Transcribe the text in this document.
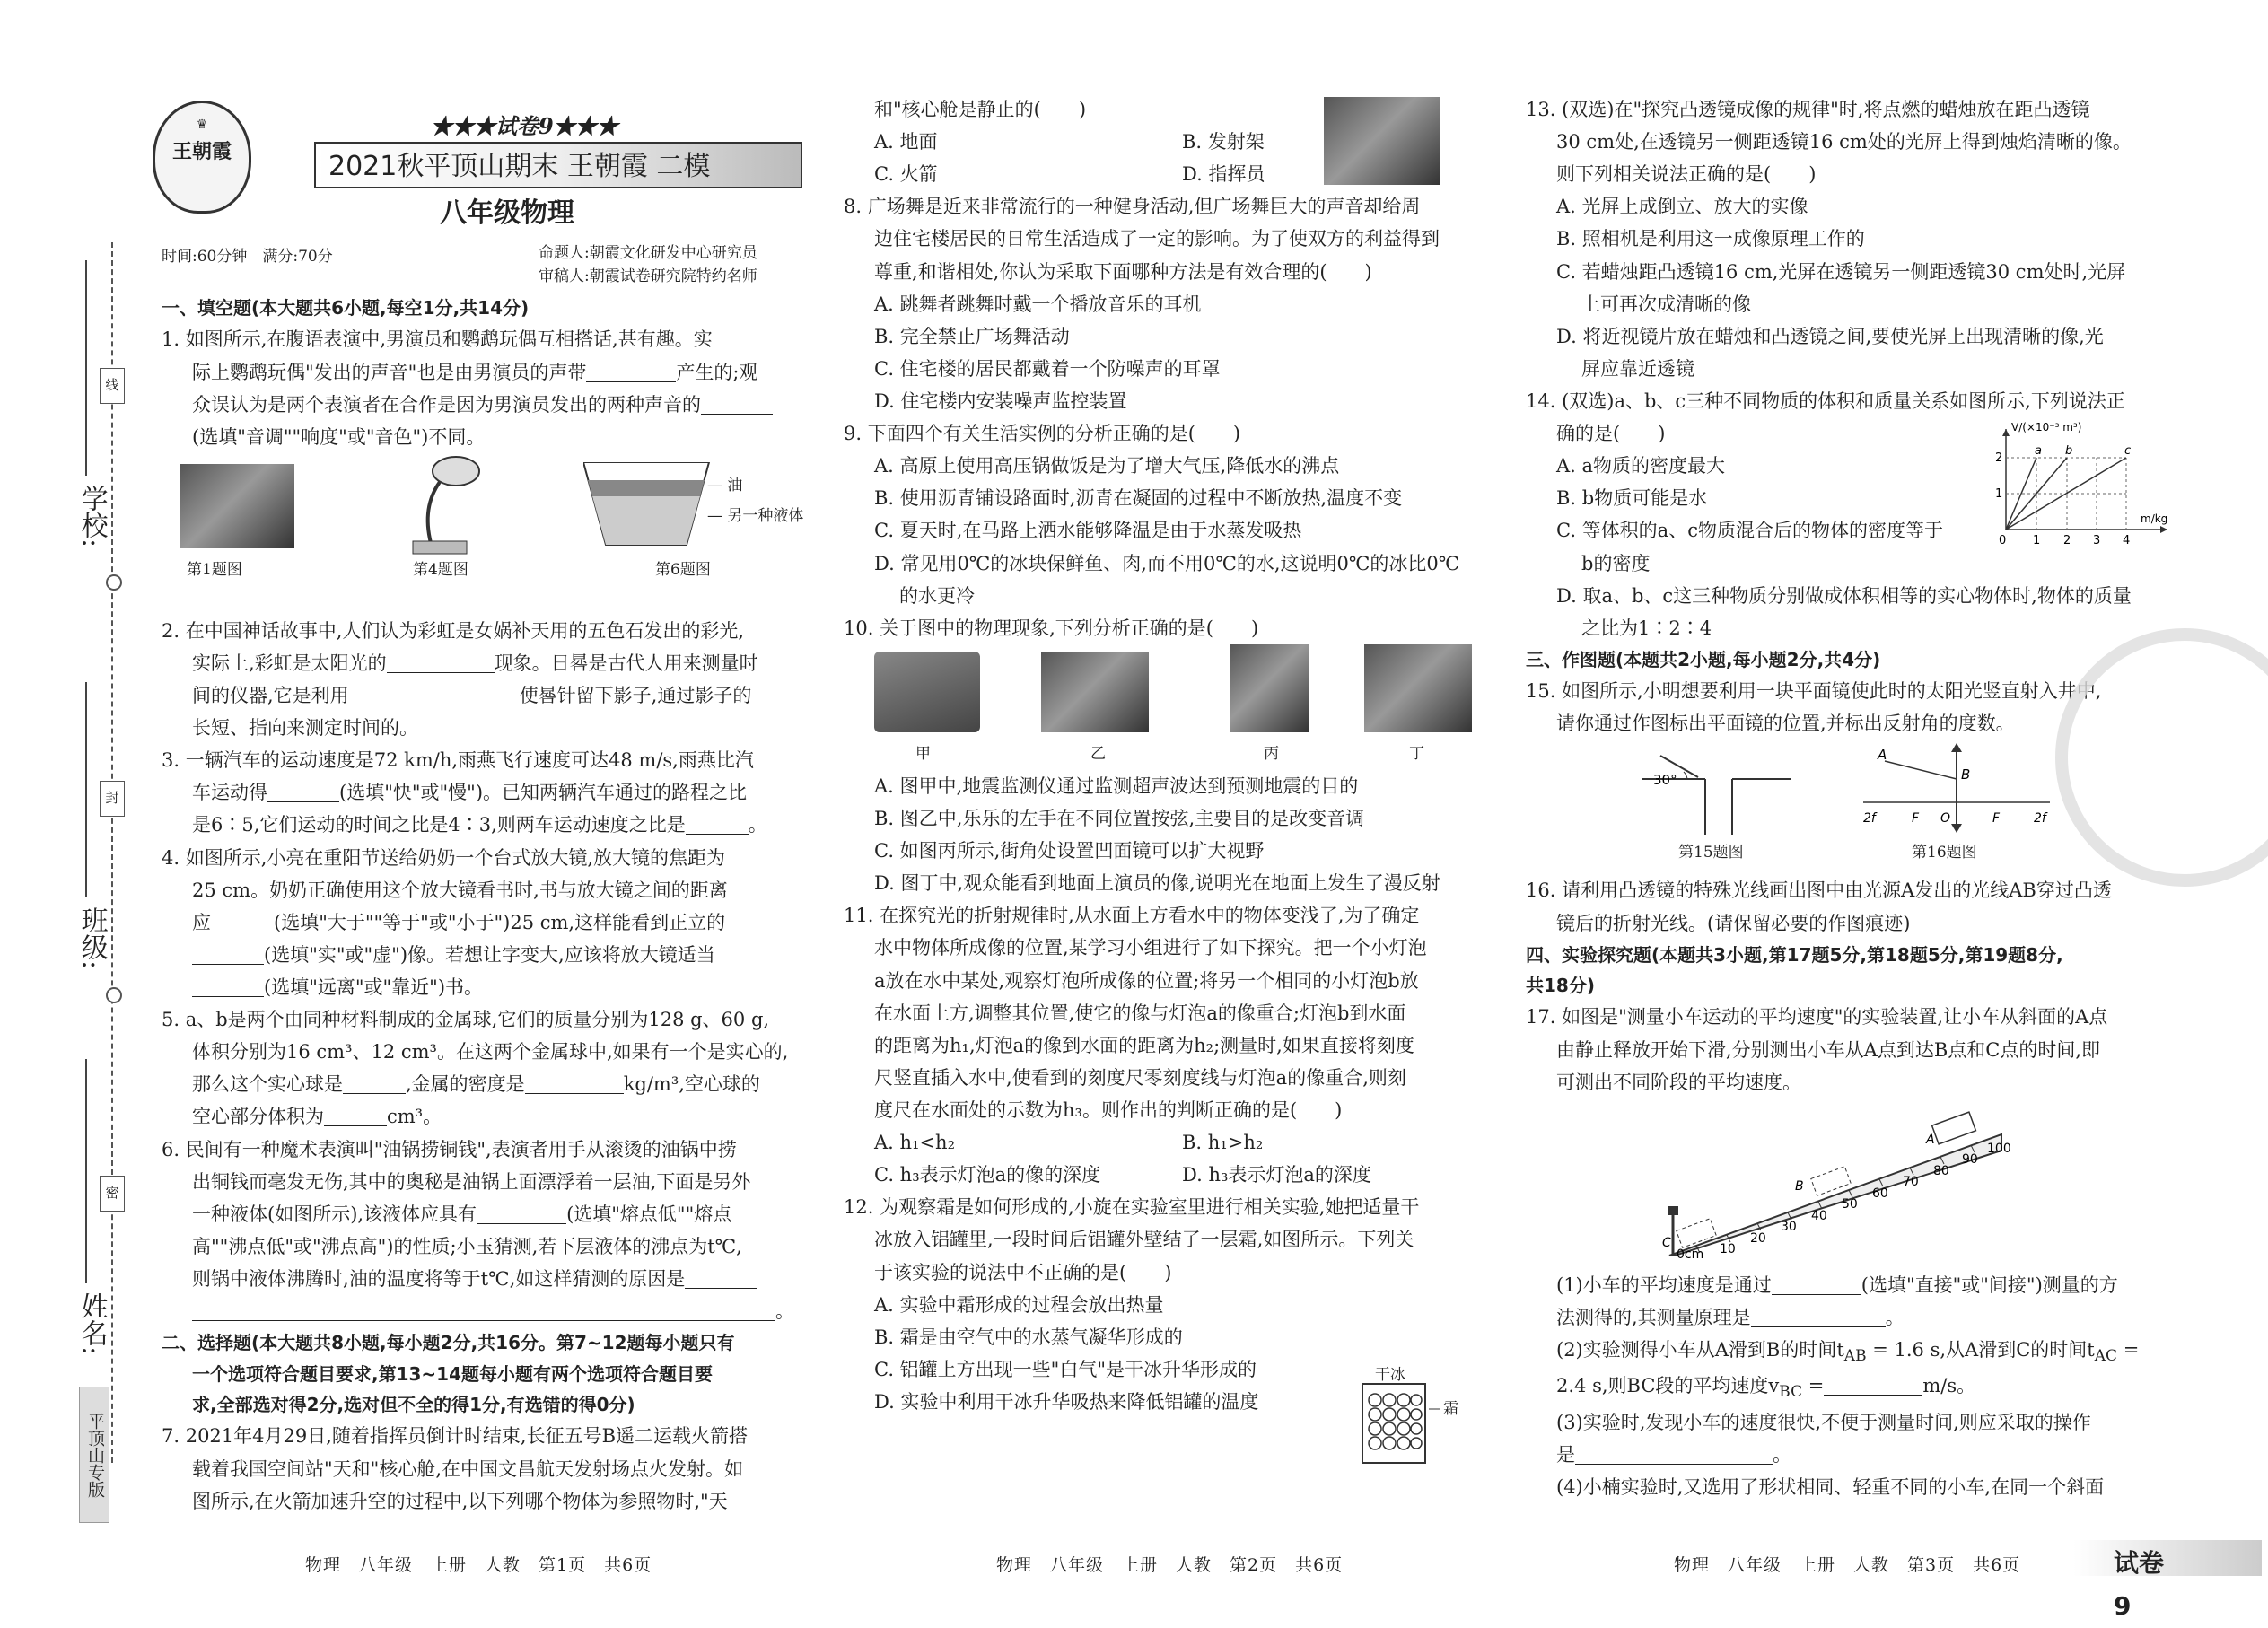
学校:
班级:
姓名:
线
封
密
平顶山专版
♛
王朝霞
★★★试卷9★★★
2021秋平顶山期末 王朝霞 二模
八年级物理
时间:60分钟　满分:70分	命题人:朝霞文化研发中心研究员
审稿人:朝霞试卷研究院特约名师

一、填空题(本大题共6小题,每空1分,共14分)

1. 如图所示,在腹语表演中,男演员和鹦鹉玩偶互相搭话,甚有趣。实
际上鹦鹉玩偶"发出的声音"也是由男演员的声带	产生的;观
众误认为是两个表演者在合作是因为男演员发出的两种声音的
(选填"音调""响度"或"音色")不同。

第1题图	第4题图
— 油
— 另一种液体
第6题图

2. 在中国神话故事中,人们认为彩虹是女娲补天用的五色石发出的彩光,
实际上,彩虹是太阳光的	现象。日晷是古代人用来测量时
间的仪器,它是利用	使晷针留下影子,通过影子的
长短、指向来测定时间的。

3. 一辆汽车的运动速度是72 km/h,雨燕飞行速度可达48 m/s,雨燕比汽
车运动得	(选填"快"或"慢")。已知两辆汽车通过的路程之比
是6∶5,它们运动的时间之比是4∶3,则两车运动速度之比是	。

4. 如图所示,小亮在重阳节送给奶奶一个台式放大镜,放大镜的焦距为
25 cm。奶奶正确使用这个放大镜看书时,书与放大镜之间的距离
应	(选填"大于""等于"或"小于")25 cm,这样能看到正立的
(选填"实"或"虚")像。若想让字变大,应该将放大镜适当
(选填"远离"或"靠近")书。

5. a、b是两个由同种材料制成的金属球,它们的质量分别为128 g、60 g,
体积分别为16 cm³、12 cm³。在这两个金属球中,如果有一个是实心的,
那么这个实心球是	,金属的密度是	kg/m³,空心球的
空心部分体积为	cm³。

6. 民间有一种魔术表演叫"油锅捞铜钱",表演者用手从滚烫的油锅中捞
出铜钱而毫发无伤,其中的奥秘是油锅上面漂浮着一层油,下面是另外
一种液体(如图所示),该液体应具有	(选填"熔点低""熔点
高""沸点低"或"沸点高")的性质;小玉猜测,若下层液体的沸点为t℃,
则锅中液体沸腾时,油的温度将等于t℃,如这样猜测的原因是
。

二、选择题(本大题共8小题,每小题2分,共16分。第7~12题每小题只有
一个选项符合题目要求,第13~14题每小题有两个选项符合题目要
求,全部选对得2分,选对但不全的得1分,有选错的得0分)

7. 2021年4月29日,随着指挥员倒计时结束,长征五号B遥二运载火箭搭
载着我国空间站"天和"核心舱,在中国文昌航天发射场点火发射。如
图所示,在火箭加速升空的过程中,以下列哪个物体为参照物时,"天

物理　八年级　上册　人教　第1页　共6页

和"核心舱是静止的(　　)

A. 地面	B. 发射架
C. 火箭	D. 指挥员

8. 广场舞是近来非常流行的一种健身活动,但广场舞巨大的声音却给周
边住宅楼居民的日常生活造成了一定的影响。为了使双方的利益得到
尊重,和谐相处,你认为采取下面哪种方法是有效合理的(　　)

A. 跳舞者跳舞时戴一个播放音乐的耳机

B. 完全禁止广场舞活动

C. 住宅楼的居民都戴着一个防噪声的耳罩

D. 住宅楼内安装噪声监控装置

9. 下面四个有关生活实例的分析正确的是(　　)

A. 高原上使用高压锅做饭是为了增大气压,降低水的沸点

B. 使用沥青铺设路面时,沥青在凝固的过程中不断放热,温度不变

C. 夏天时,在马路上洒水能够降温是由于水蒸发吸热

D. 常见用0℃的冰块保鲜鱼、肉,而不用0℃的水,这说明0℃的冰比0℃
的水更冷

10. 关于图中的物理现象,下列分析正确的是(　　)

甲	乙	丙	丁

A. 图甲中,地震监测仪通过监测超声波达到预测地震的目的

B. 图乙中,乐乐的左手在不同位置按弦,主要目的是改变音调

C. 如图丙所示,街角处设置凹面镜可以扩大视野

D. 图丁中,观众能看到地面上演员的像,说明光在地面上发生了漫反射

11. 在探究光的折射规律时,从水面上方看水中的物体变浅了,为了确定
水中物体所成像的位置,某学习小组进行了如下探究。把一个小灯泡
a放在水中某处,观察灯泡所成像的位置;将另一个相同的小灯泡b放
在水面上方,调整其位置,使它的像与灯泡a的像重合;灯泡b到水面
的距离为h₁,灯泡a的像到水面的距离为h₂;测量时,如果直接将刻度
尺竖直插入水中,使看到的刻度尺零刻度线与灯泡a的像重合,则刻
度尺在水面处的示数为h₃。则作出的判断正确的是(　　)

A. h₁<h₂	B. h₁>h₂
C. h₃表示灯泡a的像的深度	D. h₃表示灯泡a的深度

12. 为观察霜是如何形成的,小旋在实验室里进行相关实验,她把适量干
冰放入铝罐里,一段时间后铝罐外壁结了一层霜,如图所示。下列关
于该实验的说法中不正确的是(　　)

A. 实验中霜形成的过程会放出热量

B. 霜是由空气中的水蒸气凝华形成的

C. 铝罐上方出现一些"白气"是干冰升华形成的

D. 实验中利用干冰升华吸热来降低铝罐的温度

干冰
霜
物理　八年级　上册　人教　第2页　共6页

13. (双选)在"探究凸透镜成像的规律"时,将点燃的蜡烛放在距凸透镜
30 cm处,在透镜另一侧距透镜16 cm处的光屏上得到烛焰清晰的像。
则下列相关说法正确的是(　　)

A. 光屏上成倒立、放大的实像

B. 照相机是利用这一成像原理工作的

C. 若蜡烛距凸透镜16 cm,光屏在透镜另一侧距透镜30 cm处时,光屏
上可再次成清晰的像

D. 将近视镜片放在蜡烛和凸透镜之间,要使光屏上出现清晰的像,光
屏应靠近透镜

14. (双选)a、b、c三种不同物质的体积和质量关系如图所示,下列说法正
确的是(　　)

A. a物质的密度最大

B. b物质可能是水

C. 等体积的a、c物质混合后的物体的密度等于
b的密度

D. 取a、b、c这三种物质分别做成体积相等的实心物体时,物体的质量
之比为1∶2∶4

三、作图题(本题共2小题,每小题2分,共4分)

15. 如图所示,小明想要利用一块平面镜使此时的太阳光竖直射入井中,
请你通过作图标出平面镜的位置,并标出反射角的度数。

30°
A
B
2f	F O	F	2f
第15题图	第16题图

16. 请利用凸透镜的特殊光线画出图中由光源A发出的光线AB穿过凸透
镜后的折射光线。(请保留必要的作图痕迹)

四、实验探究题(本题共3小题,第17题5分,第18题5分,第19题8分,
共18分)

17. 如图是"测量小车运动的平均速度"的实验装置,让小车从斜面的A点
由静止释放开始下滑,分别测出小车从A点到达B点和C点的时间,即
可测出不同阶段的平均速度。

0cm 10
20
30
40
50
60
70
80
90
100
A
B
C

(1)小车的平均速度是通过	(选填"直接"或"间接")测量的方
法测得的,其测量原理是	。

(2)实验测得小车从A滑到B的时间$t_{AB} = 1.6$ s,从A滑到C的时间$t_{AC}$ =
2.4 s,则BC段的平均速度$v_{BC}$ =	m/s。

(3)实验时,发现小车的速度很快,不便于测量时间,则应采取的操作
是	。

(4)小楠实验时,又选用了形状相同、轻重不同的小车,在同一个斜面

a b	c
2
1
0 1 2 3 4
V/(×10⁻³ m³)
m/kg
物理　八年级　上册　人教　第3页　共6页	试卷9
